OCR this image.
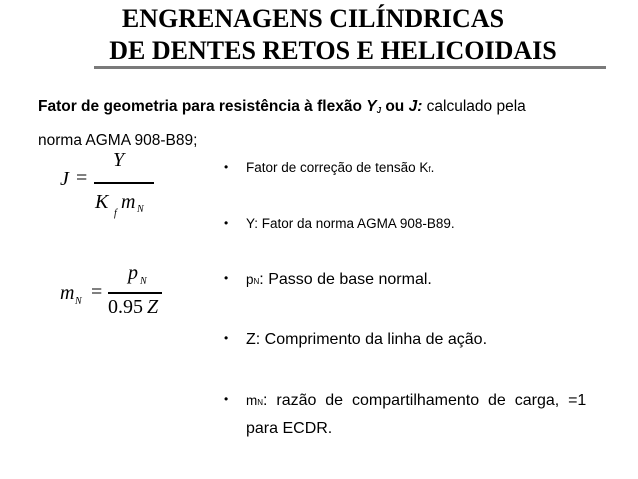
ENGRENAGENS CILÍNDRICAS
DE DENTES RETOS E HELICOIDAIS
Fator de geometria para resistência à flexão $Y_J$ ou J: calculado pela
norma AGMA 908-B89;
J =
Y
K
f
m N
m N =
p N
0.95 Z
• Fator de correção de tensão Kf.
• Y: Fator da norma AGMA 908-B89.
• pN: Passo de base normal.
• Z: Comprimento da linha de ação.
• mN:  razão  de  compartilhamento  de  carga,  =1
para ECDR.
